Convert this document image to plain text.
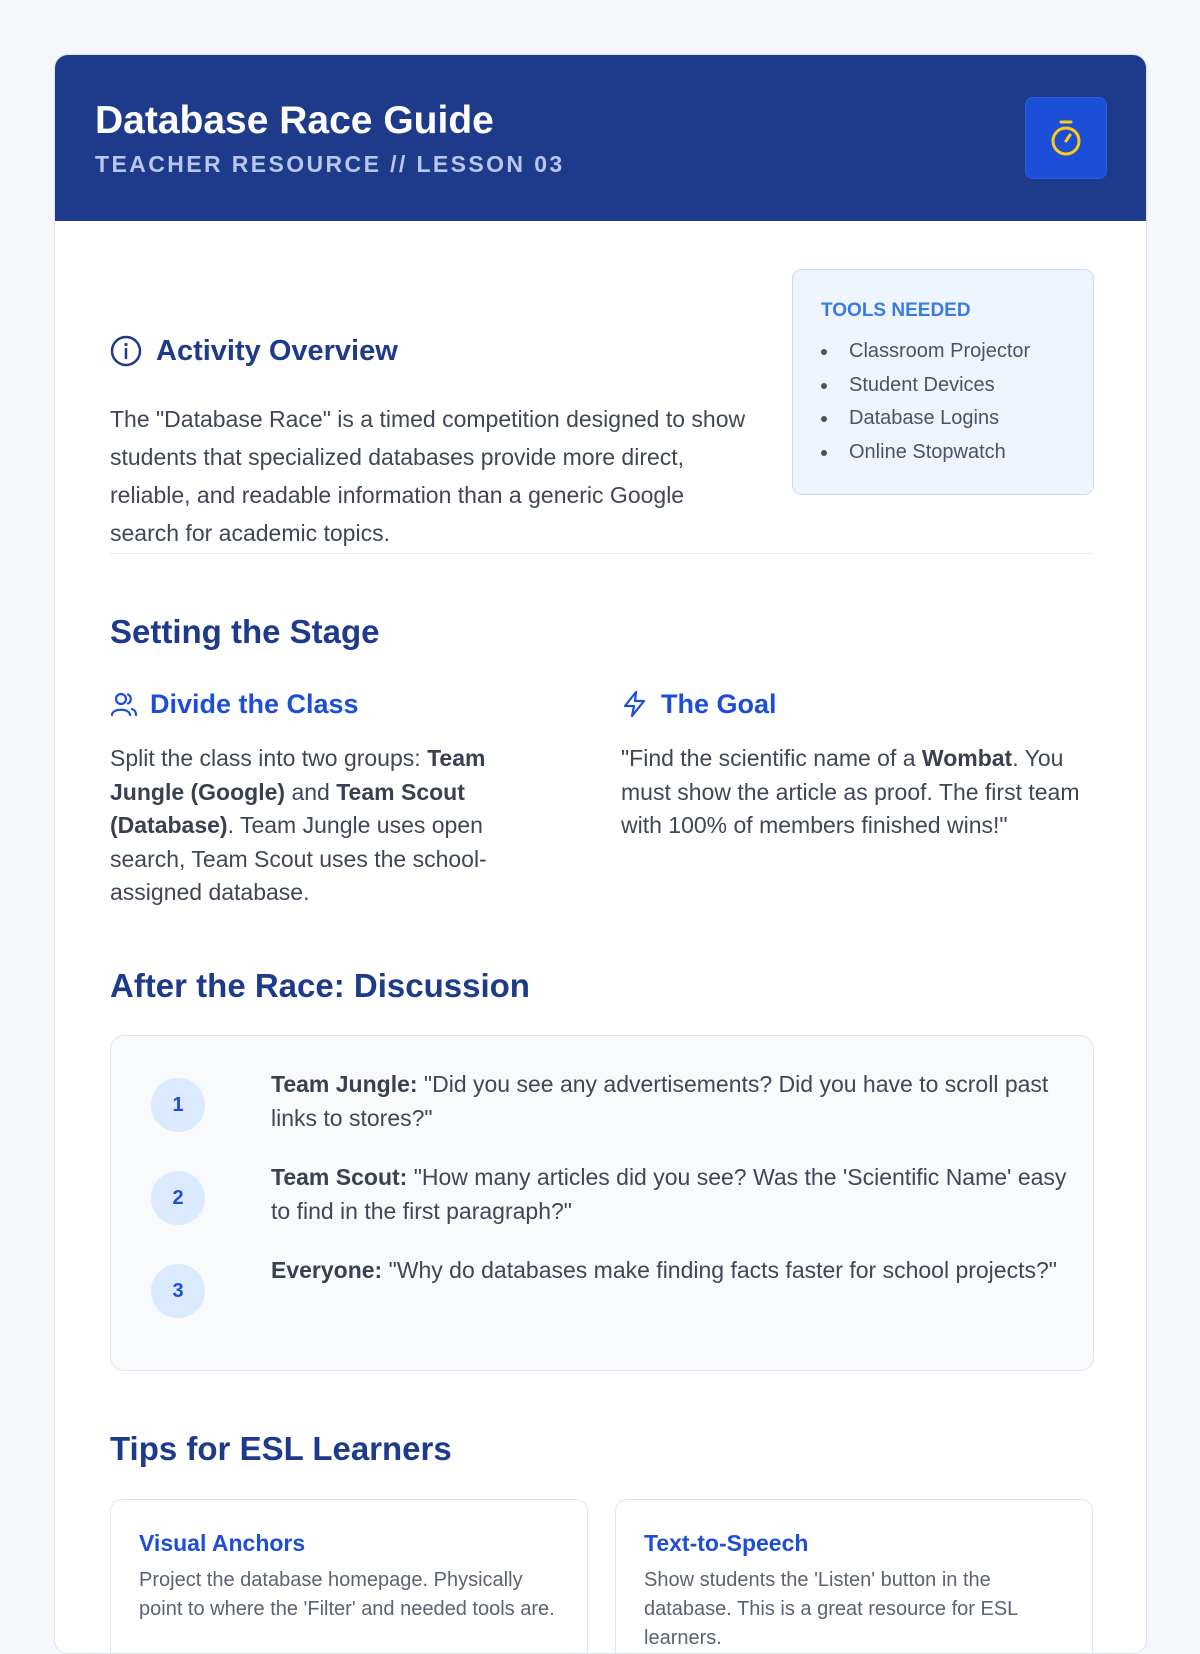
Database Race Guide
TEACHER RESOURCE // LESSON 03
Activity Overview
The "Database Race" is a timed competition designed to show students that specialized databases provide more direct, reliable, and readable information than a generic Google search for academic topics.
TOOLS NEEDED
Classroom Projector
Student Devices
Database Logins
Online Stopwatch
Setting the Stage
Divide the Class
Split the class into two groups: Team Jungle (Google) and Team Scout (Database). Team Jungle uses open search, Team Scout uses the school-assigned database.
The Goal
"Find the scientific name of a Wombat. You must show the article as proof. The first team with 100% of members finished wins!"
After the Race: Discussion
1
Team Jungle: "Did you see any advertisements? Did you have to scroll past links to stores?"
2
Team Scout: "How many articles did you see? Was the 'Scientific Name' easy to find in the first paragraph?"
3
Everyone: "Why do databases make finding facts faster for school projects?"
Tips for ESL Learners
Visual Anchors
Project the database homepage. Physically point to where the 'Filter' and needed tools are.
Text-to-Speech
Show students the 'Listen' button in the database. This is a great resource for ESL learners.
